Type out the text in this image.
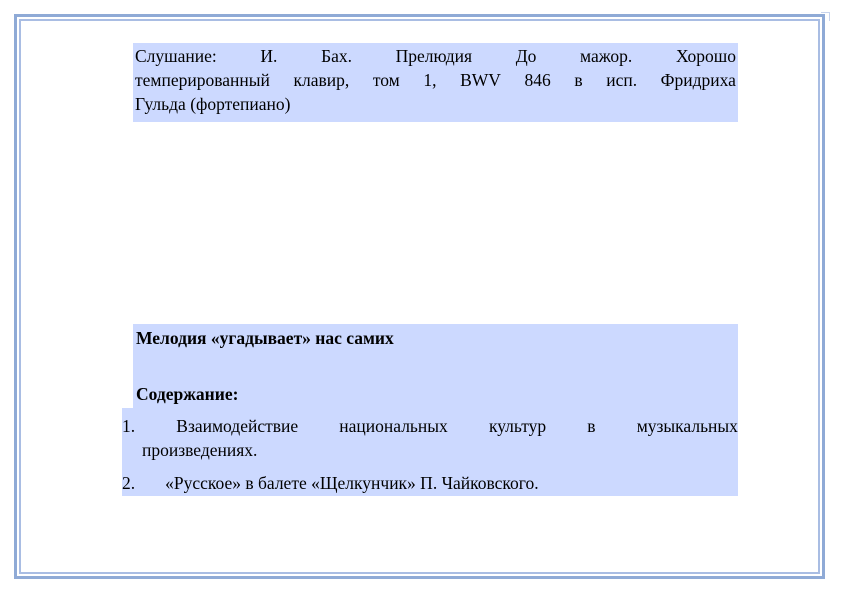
Слушание: И. Бах. Прелюдия До мажор. Хорошо
темперированный клавир, том 1, BWV 846 в исп. Фридриха
Гульда (фортепиано)
Мелодия «угадывает» нас самих
Содержание:
1. Взаимодействие национальных культур в музыкальных
произведениях.
2. «Русское» в балете «Щелкунчик» П. Чайковского.
